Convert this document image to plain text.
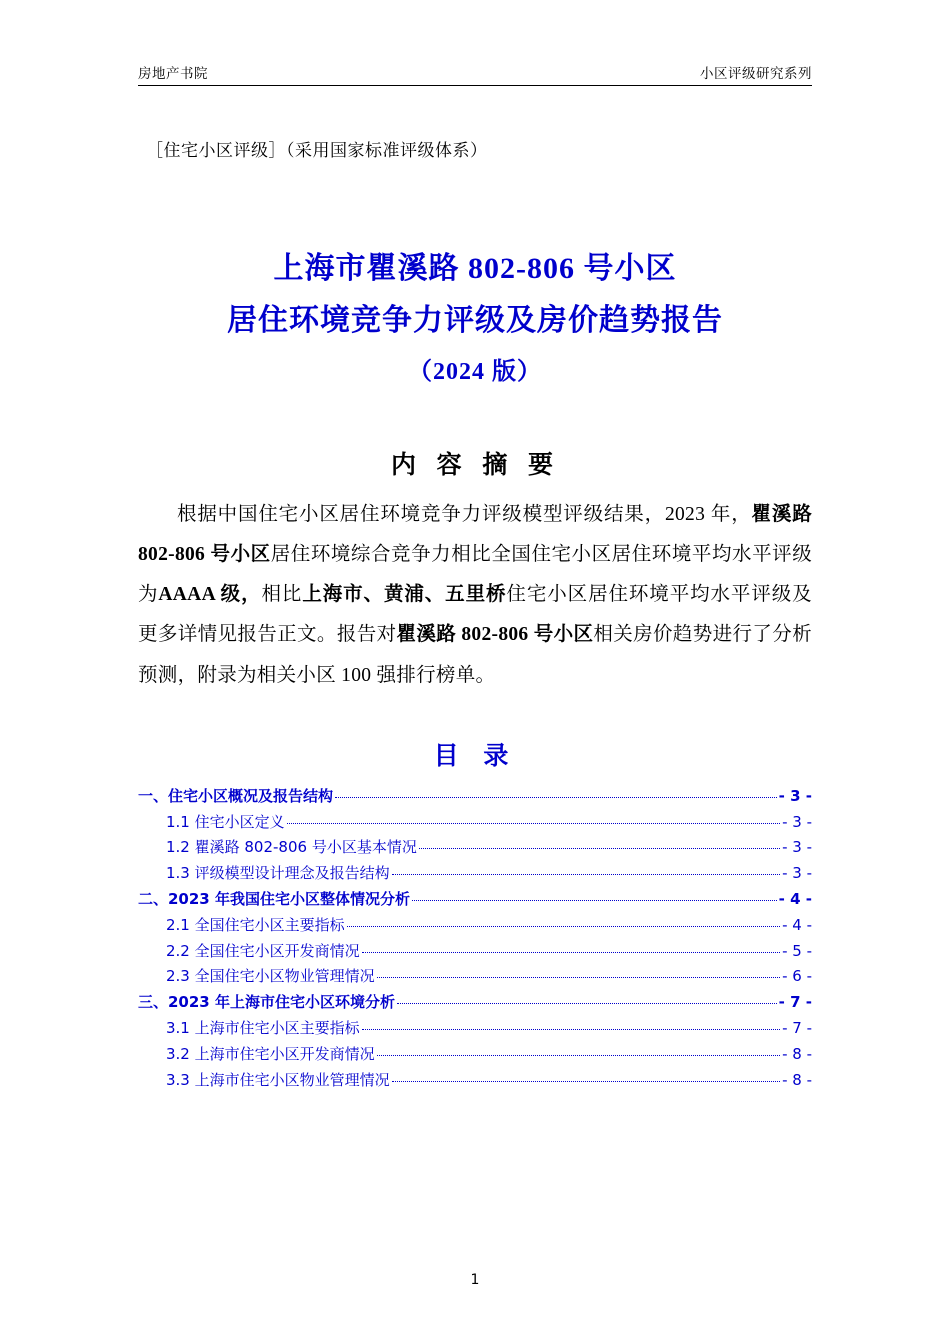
房地产书院	小区评级研究系列
［住宅小区评级］（采用国家标准评级体系）
上海市瞿溪路 802-806 号小区
居住环境竞争力评级及房价趋势报告
（2024 版）
内 容 摘 要
根据中国住宅小区居住环境竞争力评级模型评级结果，2023 年，瞿溪路 802-806 号小区居住环境综合竞争力相比全国住宅小区居住环境平均水平评级为AAAA 级，相比上海市、黄浦、五里桥住宅小区居住环境平均水平评级及更多详情见报告正文。报告对瞿溪路 802-806 号小区相关房价趋势进行了分析预测，附录为相关小区 100 强排行榜单。
目 录
一、住宅小区概况及报告结构	- 3 -
1.1 住宅小区定义	- 3 -
1.2 瞿溪路 802-806 号小区基本情况	- 3 -
1.3 评级模型设计理念及报告结构	- 3 -
二、2023 年我国住宅小区整体情况分析	- 4 -
2.1 全国住宅小区主要指标	- 4 -
2.2 全国住宅小区开发商情况	- 5 -
2.3 全国住宅小区物业管理情况	- 6 -
三、2023 年上海市住宅小区环境分析	- 7 -
3.1 上海市住宅小区主要指标	- 7 -
3.2 上海市住宅小区开发商情况	- 8 -
3.3 上海市住宅小区物业管理情况	- 8 -
1
